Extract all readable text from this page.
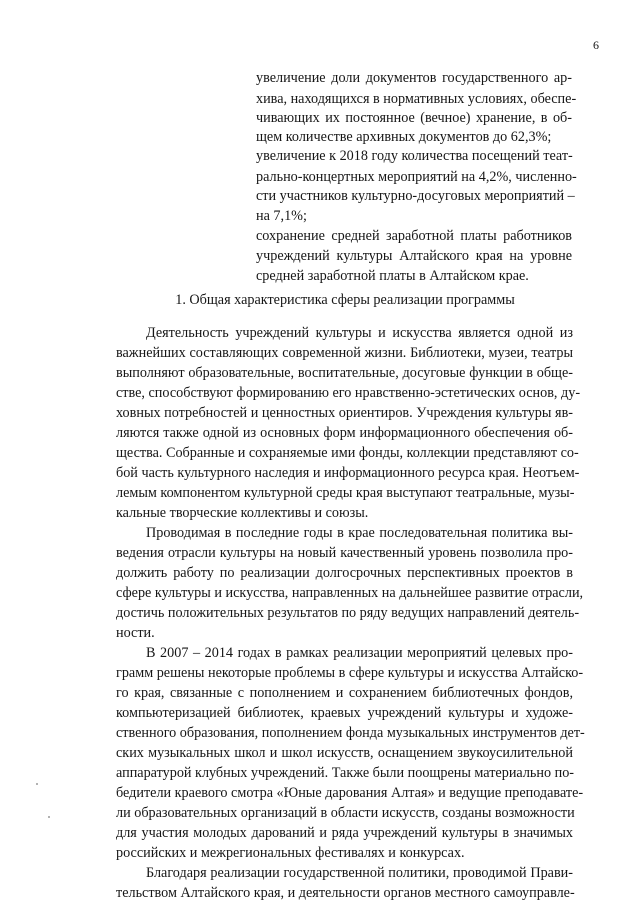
6
увеличение доли документов государственного ар-
хива, находящихся в нормативных условиях, обеспе-
чивающих их постоянное (вечное) хранение, в об-
щем количестве архивных документов до 62,3%;
увеличение к 2018 году количества посещений теат-
рально-концертных мероприятий на 4,2%, численно-
сти участников культурно-досуговых мероприятий –
на 7,1%;
сохранение средней заработной платы работников
учреждений культуры Алтайского края на уровне
средней заработной платы в Алтайском крае.
1. Общая характеристика сферы реализации программы
Деятельность учреждений культуры и искусства является одной из
важнейших составляющих современной жизни. Библиотеки, музеи, театры
выполняют образовательные, воспитательные, досуговые функции в обще-
стве, способствуют формированию его нравственно-эстетических основ, ду-
ховных потребностей и ценностных ориентиров. Учреждения культуры яв-
ляются также одной из основных форм информационного обеспечения об-
щества. Собранные и сохраняемые ими фонды, коллекции представляют со-
бой часть культурного наследия и информационного ресурса края. Неотъем-
лемым компонентом культурной среды края выступают театральные, музы-
кальные творческие коллективы и союзы.
Проводимая в последние годы в крае последовательная политика вы-
ведения отрасли культуры на новый качественный уровень позволила про-
должить работу по реализации долгосрочных перспективных проектов в
сфере культуры и искусства, направленных на дальнейшее развитие отрасли,
достичь положительных результатов по ряду ведущих направлений деятель-
ности.
В 2007 – 2014 годах в рамках реализации мероприятий целевых про-
грамм решены некоторые проблемы в сфере культуры и искусства Алтайско-
го края, связанные с пополнением и сохранением библиотечных фондов,
компьютеризацией библиотек, краевых учреждений культуры и художе-
ственного образования, пополнением фонда музыкальных инструментов дет-
ских музыкальных школ и школ искусств, оснащением звукоусилительной
аппаратурой клубных учреждений. Также были поощрены материально по-
бедители краевого смотра «Юные дарования Алтая» и ведущие преподавате-
ли образовательных организаций в области искусств, созданы возможности
для участия молодых дарований и ряда учреждений культуры в значимых
российских и межрегиональных фестивалях и конкурсах.
Благодаря реализации государственной политики, проводимой Прави-
тельством Алтайского края, и деятельности органов местного самоуправле-
